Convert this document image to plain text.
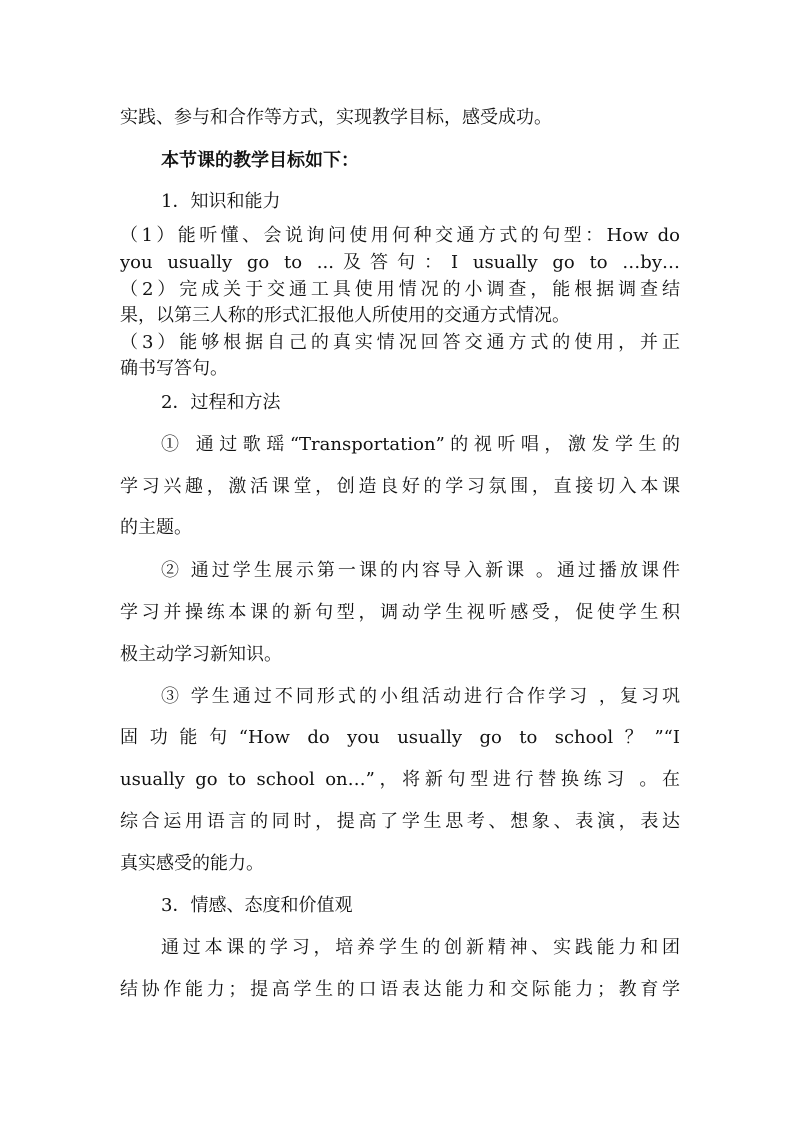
实践、参与和合作等方式，实现教学目标，感受成功。
本节课的教学目标如下：
1．知识和能力
（1）能听懂、会说询问使用何种交通方式的句型：How do
you usually go to ...及答句：I usually go to …by…
（2）完成关于交通工具使用情况的小调查，能根据调查结
果，以第三人称的形式汇报他人所使用的交通方式情况。
（3）能够根据自己的真实情况回答交通方式的使用，并正
确书写答句。
2．过程和方法
① 通过歌瑶“Transportation”的视听唱，激发学生的
学习兴趣，激活课堂，创造良好的学习氛围，直接切入本课
的主题。
② 通过学生展示第一课的内容导入新课 。通过播放课件
学习并操练本课的新句型，调动学生视听感受，促使学生积
极主动学习新知识。
③ 学生通过不同形式的小组活动进行合作学习 ，复习巩
固功能句“How do you usually go to school？”“I
usually go to school on…”，将新句型进行替换练习 。在
综合运用语言的同时，提高了学生思考、想象、表演，表达
真实感受的能力。
3．情感、态度和价值观
通过本课的学习，培养学生的创新精神、实践能力和团
结协作能力；提高学生的口语表达能力和交际能力；教育学
